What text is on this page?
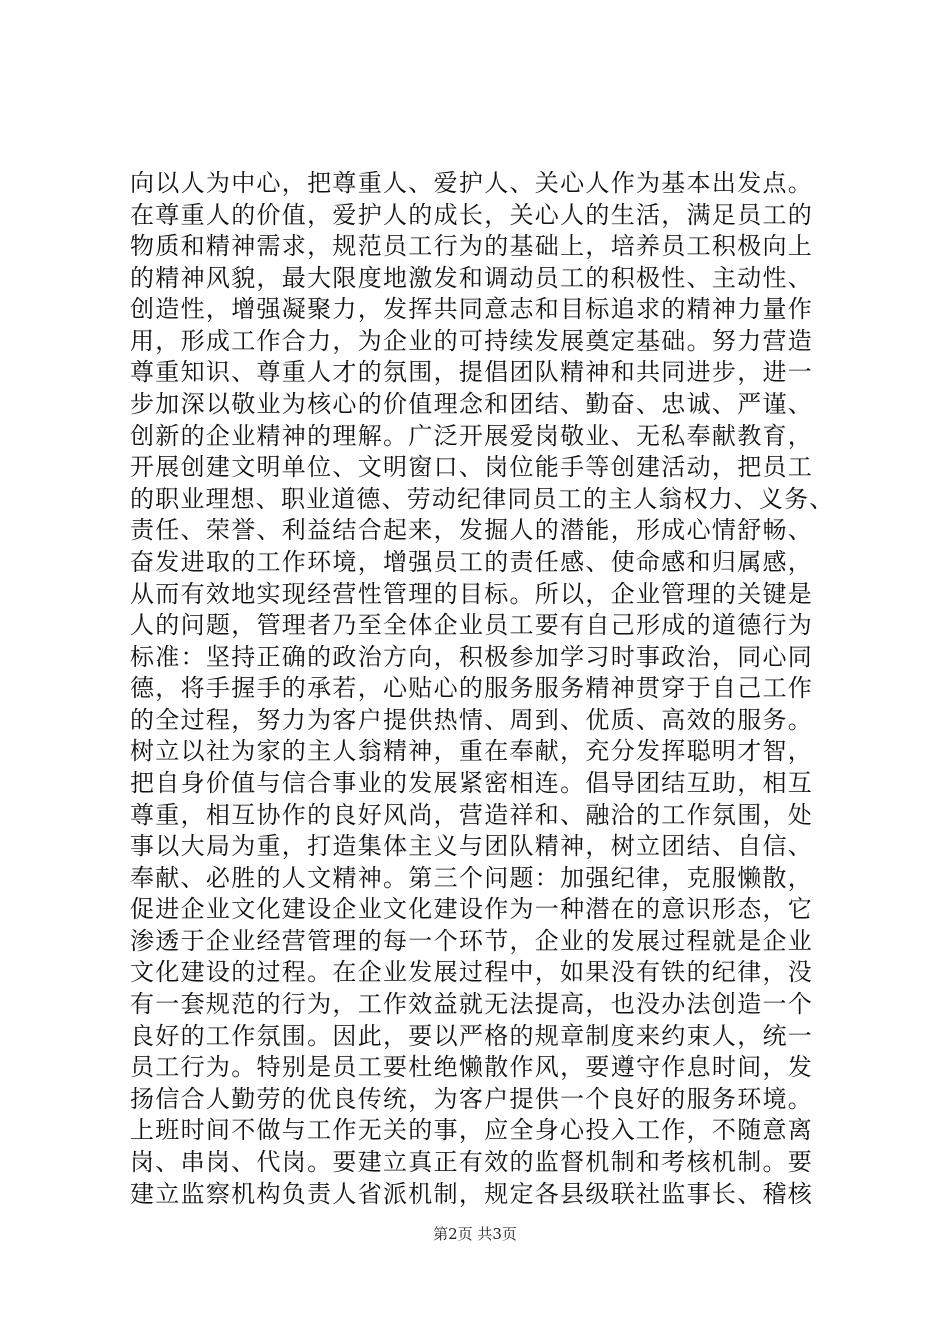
向以人为中心，把尊重人、爱护人、关心人作为基本出发点。
在尊重人的价值，爱护人的成长，关心人的生活，满足员工的
物质和精神需求，规范员工行为的基础上，培养员工积极向上
的精神风貌，最大限度地激发和调动员工的积极性、主动性、
创造性，增强凝聚力，发挥共同意志和目标追求的精神力量作
用，形成工作合力，为企业的可持续发展奠定基础。努力营造
尊重知识、尊重人才的氛围，提倡团队精神和共同进步，进一
步加深以敬业为核心的价值理念和团结、勤奋、忠诚、严谨、
创新的企业精神的理解。广泛开展爱岗敬业、无私奉献教育，
开展创建文明单位、文明窗口、岗位能手等创建活动，把员工
的职业理想、职业道德、劳动纪律同员工的主人翁权力、义务、
责任、荣誉、利益结合起来，发掘人的潜能，形成心情舒畅、
奋发进取的工作环境，增强员工的责任感、使命感和归属感，
从而有效地实现经营性管理的目标。所以，企业管理的关键是
人的问题，管理者乃至全体企业员工要有自己形成的道德行为
标准：坚持正确的政治方向，积极参加学习时事政治，同心同
德，将手握手的承若，心贴心的服务服务精神贯穿于自己工作
的全过程，努力为客户提供热情、周到、优质、高效的服务。
树立以社为家的主人翁精神，重在奉献，充分发挥聪明才智，
把自身价值与信合事业的发展紧密相连。倡导团结互助，相互
尊重，相互协作的良好风尚，营造祥和、融洽的工作氛围，处
事以大局为重，打造集体主义与团队精神，树立团结、自信、
奉献、必胜的人文精神。第三个问题：加强纪律，克服懒散，
促进企业文化建设企业文化建设作为一种潜在的意识形态，它
渗透于企业经营管理的每一个环节，企业的发展过程就是企业
文化建设的过程。在企业发展过程中，如果没有铁的纪律，没
有一套规范的行为，工作效益就无法提高，也没办法创造一个
良好的工作氛围。因此，要以严格的规章制度来约束人，统一
员工行为。特别是员工要杜绝懒散作风，要遵守作息时间，发
扬信合人勤劳的优良传统，为客户提供一个良好的服务环境。
上班时间不做与工作无关的事，应全身心投入工作，不随意离
岗、串岗、代岗。要建立真正有效的监督机制和考核机制。要
建立监察机构负责人省派机制，规定各县级联社监事长、稽核
第2页 共3页
